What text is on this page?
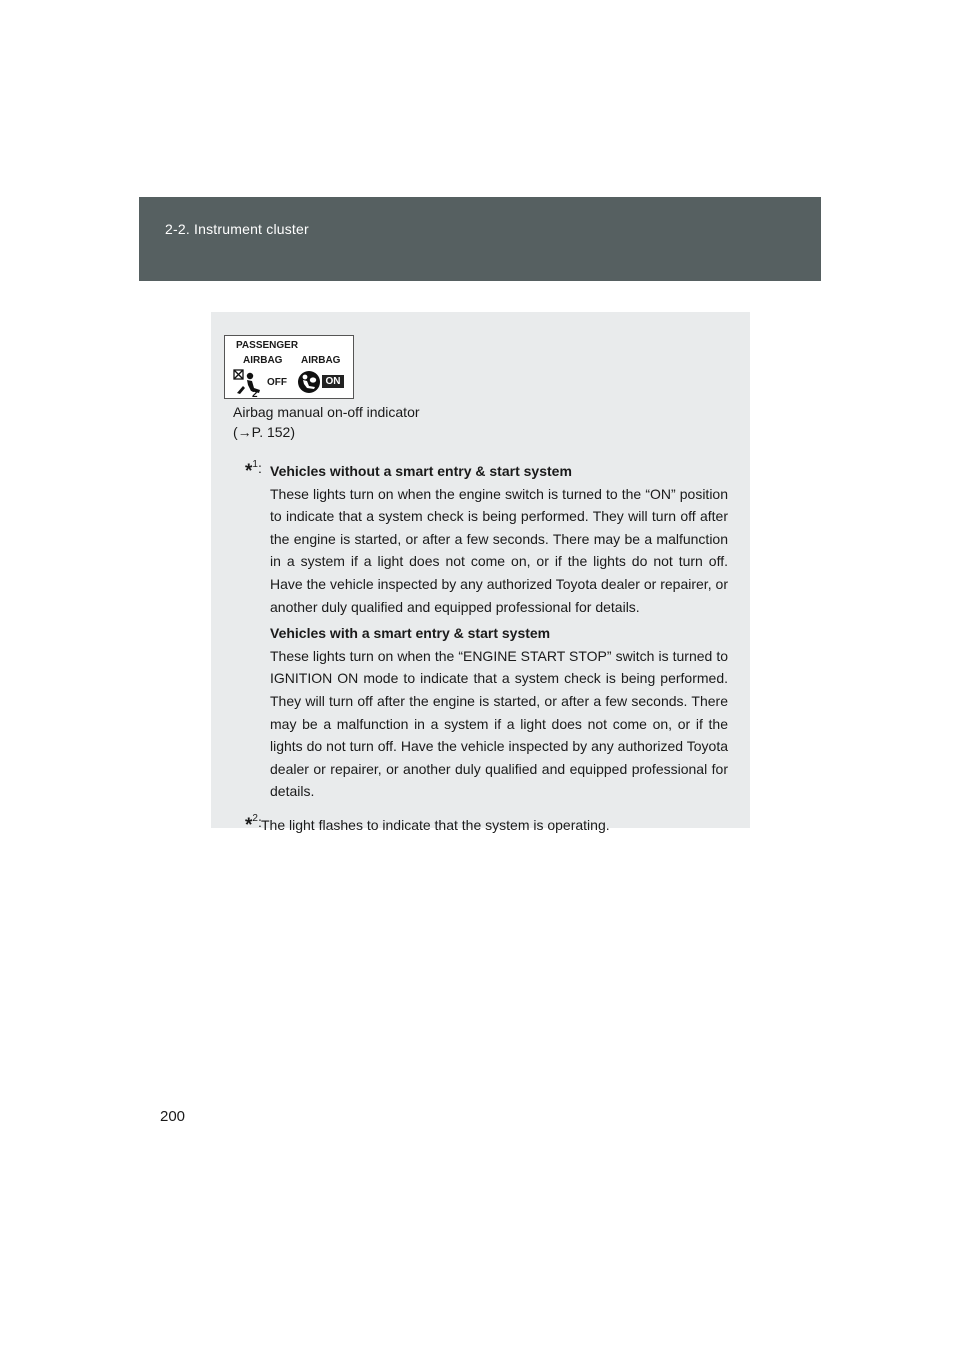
2-2. Instrument cluster
PASSENGER
AIRBAG AIRBAG
2
OFF	ON
Airbag manual on-off indicator
(→P. 152)
*$^1$: Vehicles without a smart entry & start system

These lights turn on when the engine switch is turned to the “ON” position to indicate that a system check is being performed. They will turn off after the engine is started, or after a few seconds. There may be a malfunction in a system if a light does not come on, or if the lights do not turn off. Have the vehicle inspected by any authorized Toyota dealer or repairer, or another duly qualified and equipped professional for details.

Vehicles with a smart entry & start system

These lights turn on when the “ENGINE START STOP” switch is turned to IGNITION ON mode to indicate that a system check is being performed. They will turn off after the engine is started, or after a few seconds. There may be a malfunction in a system if a light does not come on, or if the lights do not turn off. Have the vehicle inspected by any authorized Toyota dealer or repairer, or another duly qualified and equipped professional for details.

*$^2$: The light flashes to indicate that the system is operating.
200
